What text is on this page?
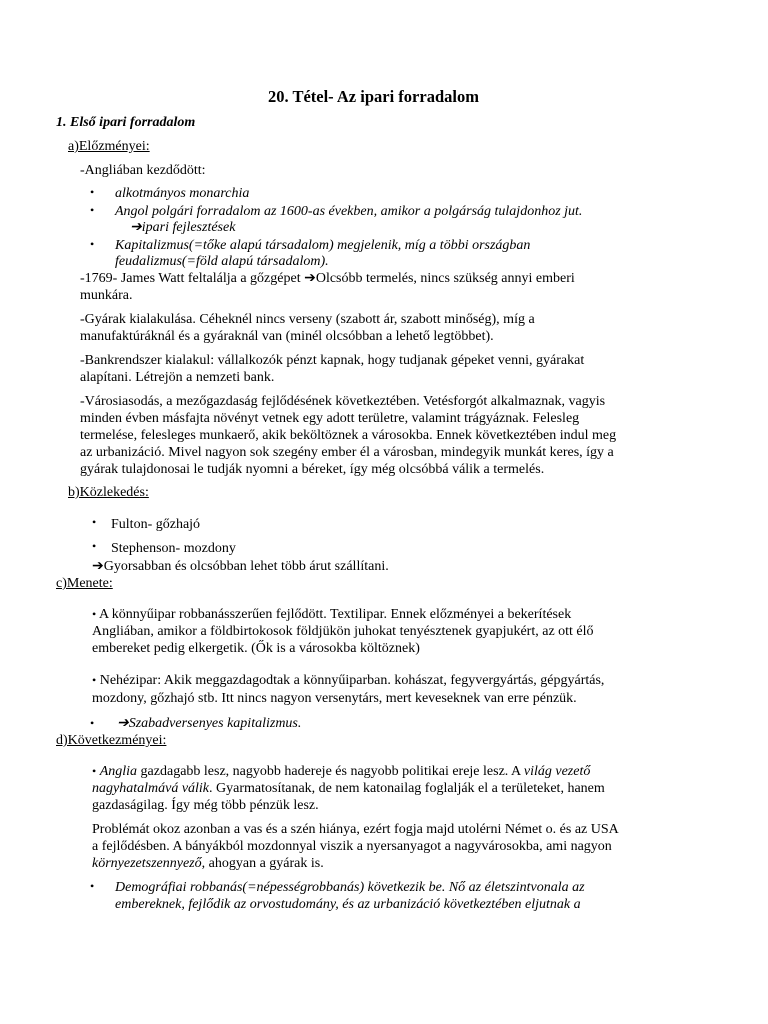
20. Tétel- Az ipari forradalom
1. Első ipari forradalom
a)Előzményei:
-Angliában kezdődött:
• alkotmányos monarchia
• Angol polgári forradalom az 1600-as években, amikor a polgárság tulajdonhoz jut.
➔ipari fejlesztések
• Kapitalizmus(=tőke alapú társadalom) megjelenik, míg a többi országban
feudalizmus(=föld alapú társadalom).
-1769- James Watt feltalálja a gőzgépet ➔Olcsóbb termelés, nincs szükség annyi emberi
munkára.
-Gyárak kialakulása. Céheknél nincs verseny (szabott ár, szabott minőség), míg a
manufaktúráknál és a gyáraknál van (minél olcsóbban a lehető legtöbbet).
-Bankrendszer kialakul: vállalkozók pénzt kapnak, hogy tudjanak gépeket venni, gyárakat
alapítani. Létrejön a nemzeti bank.
-Városiasodás, a mezőgazdaság fejlődésének következtében. Vetésforgót alkalmaznak, vagyis
minden évben másfajta növényt vetnek egy adott területre, valamint trágyáznak. Felesleg
termelése, felesleges munkaerő, akik beköltöznek a városokba. Ennek következtében indul meg
az urbanizáció. Mivel nagyon sok szegény ember él a városban, mindegyik munkát keres, így a
gyárak tulajdonosai le tudják nyomni a béreket, így még olcsóbbá válik a termelés.
b)Közlekedés:
• Fulton- gőzhajó
• Stephenson- mozdony
➔Gyorsabban és olcsóbban lehet több árut szállítani.
c)Menete:
• A könnyűipar robbanásszerűen fejlődött. Textilipar. Ennek előzményei a bekerítések
Angliában, amikor a földbirtokosok földjükön juhokat tenyésztenek gyapjukért, az ott élő
embereket pedig elkergetik. (Ők is a városokba költöznek)
• Nehézipar: Akik meggazdagodtak a könnyűiparban. kohászat, fegyvergyártás, gépgyártás,
mozdony, gőzhajó stb. Itt nincs nagyon versenytárs, mert keveseknek van erre pénzük.
• ➔Szabadversenyes kapitalizmus.
d)Következményei:
• Anglia gazdagabb lesz, nagyobb hadereje és nagyobb politikai ereje lesz. A világ vezető
nagyhatalmává válik. Gyarmatosítanak, de nem katonailag foglalják el a területeket, hanem
gazdaságilag. Így még több pénzük lesz.
Problémát okoz azonban a vas és a szén hiánya, ezért fogja majd utolérni Német o. és az USA
a fejlődésben. A bányákból mozdonnyal viszik a nyersanyagot a nagyvárosokba, ami nagyon
környezetszennyező, ahogyan a gyárak is.
• Demográfiai robbanás(=népességrobbanás) következik be. Nő az életszintvonala az
embereknek, fejlődik az orvostudomány, és az urbanizáció következtében eljutnak a
